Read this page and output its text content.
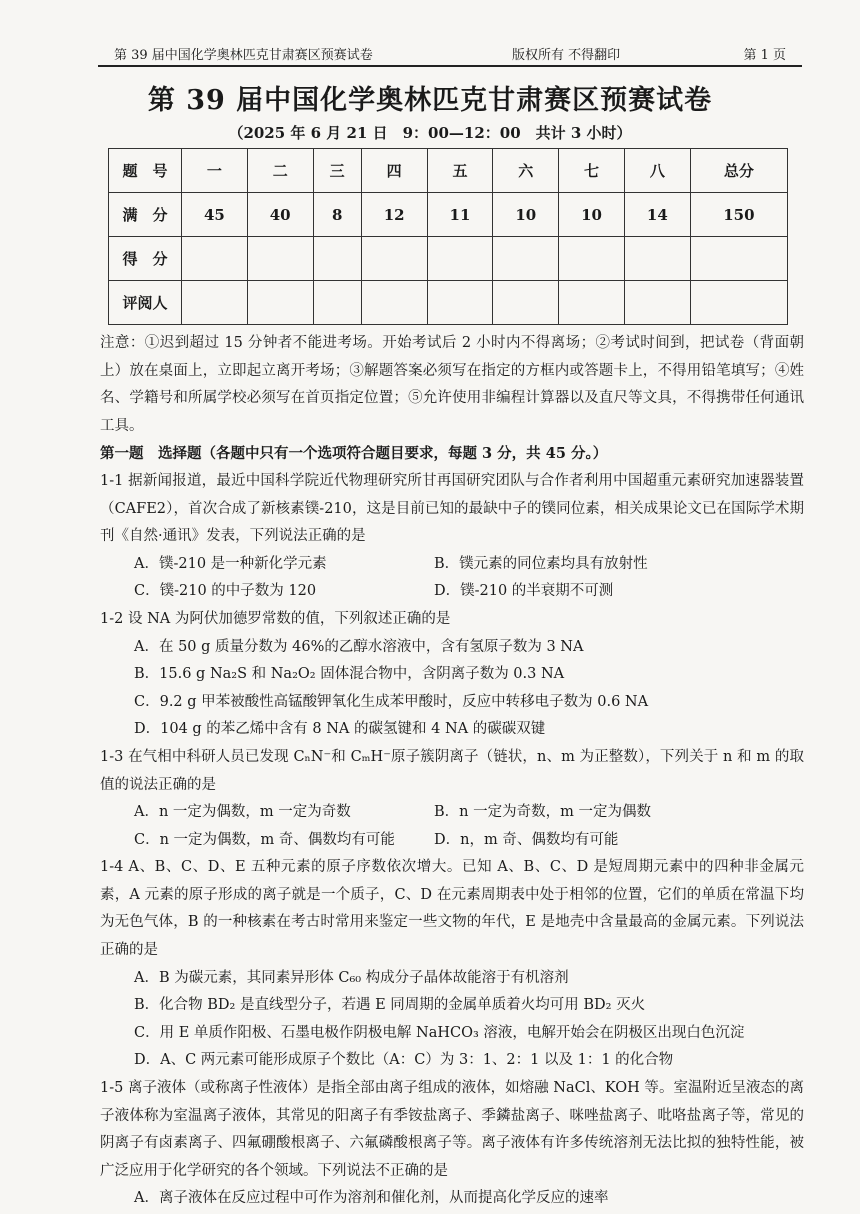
第 39 届中国化学奥林匹克甘肃赛区预赛试卷	版权所有 不得翻印	第 1 页
第 39 届中国化学奥林匹克甘肃赛区预赛试卷
（2025 年 6 月 21 日　9：00—12：00　共计 3 小时）
题　号	一	二	三	四	五	六	七	八	总分
满　分	45	40	8	12	11	10	10	14	150
得　分									
评阅人									

注意：①迟到超过 15 分钟者不能进考场。开始考试后 2 小时内不得离场；②考试时间到，把试卷（背面朝上）放在桌面上，立即起立离开考场；③解题答案必须写在指定的方框内或答题卡上，不得用铅笔填写；④姓名、学籍号和所属学校必须写在首页指定位置；⑤允许使用非编程计算器以及直尺等文具，不得携带任何通讯工具。

第一题　选择题（各题中只有一个选项符合题目要求，每题 3 分，共 45 分。）

1-1 据新闻报道，最近中国科学院近代物理研究所甘再国研究团队与合作者利用中国超重元素研究加速器装置（CAFE2），首次合成了新核素镤-210，这是目前已知的最缺中子的镤同位素，相关成果论文已在国际学术期刊《自然·通讯》发表，下列说法正确的是

A．镤-210 是一种新化学元素	B．镤元素的同位素均具有放射性
C．镤-210 的中子数为 120	D．镤-210 的半衰期不可测

1-2 设 NA 为阿伏加德罗常数的值，下列叙述正确的是

A．在 50 g 质量分数为 46%的乙醇水溶液中，含有氢原子数为 3 NA

B．15.6 g Na₂S 和 Na₂O₂ 固体混合物中，含阴离子数为 0.3 NA

C．9.2 g 甲苯被酸性高锰酸钾氧化生成苯甲酸时，反应中转移电子数为 0.6 NA

D．104 g 的苯乙烯中含有 8 NA 的碳氢键和 4 NA 的碳碳双键

1-3 在气相中科研人员已发现 CₙN⁻和 CₘH⁻原子簇阴离子（链状，n、m 为正整数），下列关于 n 和 m 的取值的说法正确的是

A．n 一定为偶数，m 一定为奇数	B．n 一定为奇数，m 一定为偶数
C．n 一定为偶数，m 奇、偶数均有可能	D．n，m 奇、偶数均有可能

1-4 A、B、C、D、E 五种元素的原子序数依次增大。已知 A、B、C、D 是短周期元素中的四种非金属元素，A 元素的原子形成的离子就是一个质子，C、D 在元素周期表中处于相邻的位置，它们的单质在常温下均为无色气体，B 的一种核素在考古时常用来鉴定一些文物的年代，E 是地壳中含量最高的金属元素。下列说法正确的是

A．B 为碳元素，其同素异形体 C₆₀ 构成分子晶体故能溶于有机溶剂

B．化合物 BD₂ 是直线型分子，若遇 E 同周期的金属单质着火均可用 BD₂ 灭火

C．用 E 单质作阳极、石墨电极作阴极电解 NaHCO₃ 溶液，电解开始会在阴极区出现白色沉淀

D．A、C 两元素可能形成原子个数比（A：C）为 3：1、2：1 以及 1：1 的化合物

1-5 离子液体（或称离子性液体）是指全部由离子组成的液体，如熔融 NaCl、KOH 等。室温附近呈液态的离子液体称为室温离子液体，其常见的阳离子有季铵盐离子、季鏻盐离子、咪唑盐离子、吡咯盐离子等，常见的阴离子有卤素离子、四氟硼酸根离子、六氟磷酸根离子等。离子液体有许多传统溶剂无法比拟的独特性能，被广泛应用于化学研究的各个领域。下列说法不正确的是

A．离子液体在反应过程中可作为溶剂和催化剂，从而提高化学反应的速率
